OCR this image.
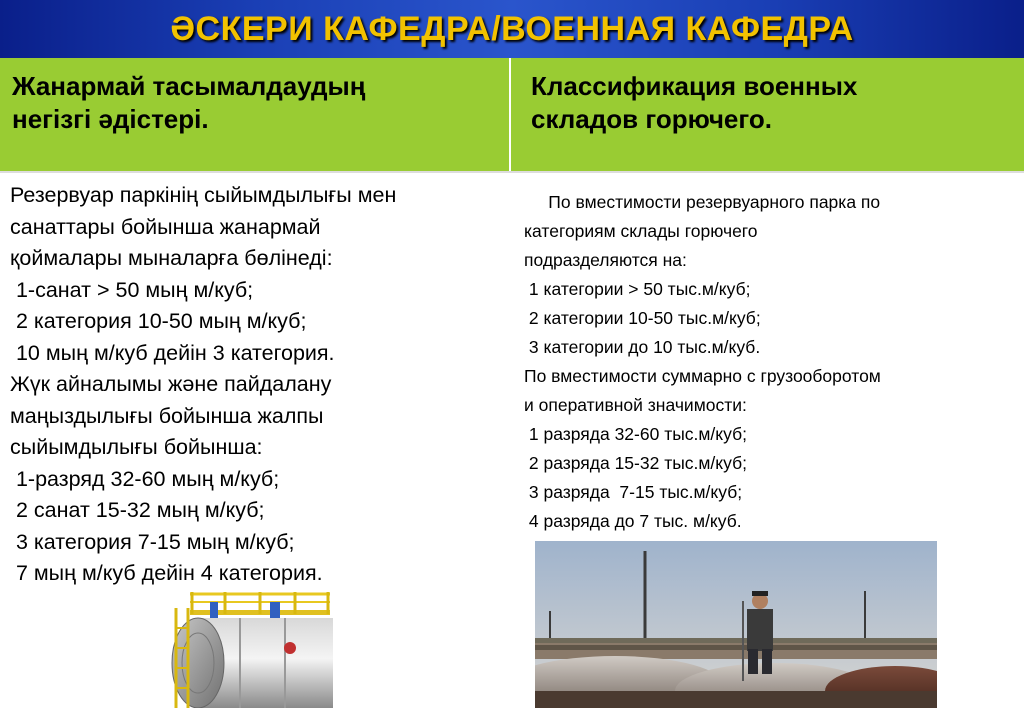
ӘСКЕРИ КАФЕДРА/ВОЕННАЯ КАФЕДРА
Жанармай тасымалдаудың
негізгі әдістері.
Классификация военных
складов горючего.
Резервуар паркінің сыйымдылығы мен
санаттары бойынша жанармай
қоймалары мыналарға бөлінеді:
1-санат > 50 мың м/куб;
2 категория 10-50 мың м/куб;
10 мың м/куб дейін 3 категория.
Жүк айналымы және пайдалану
маңыздылығы бойынша жалпы
сыйымдылығы бойынша:
1-разряд 32-60 мың м/куб;
2 санат 15-32 мың м/куб;
3 категория 7-15 мың м/куб;
7 мың м/куб дейін 4 категория.
По вместимости резервуарного парка по
категориям склады горючего
подразделяются на:
1 категории > 50 тыс.м/куб;
2 категории 10-50 тыс.м/куб;
3 категории до 10 тыс.м/куб.
По вместимости суммарно с грузооборотом
и оперативной значимости:
1 разряда 32-60 тыс.м/куб;
2 разряда 15-32 тыс.м/куб;
3 разряда  7-15 тыс.м/куб;
4 разряда до 7 тыс. м/куб.
